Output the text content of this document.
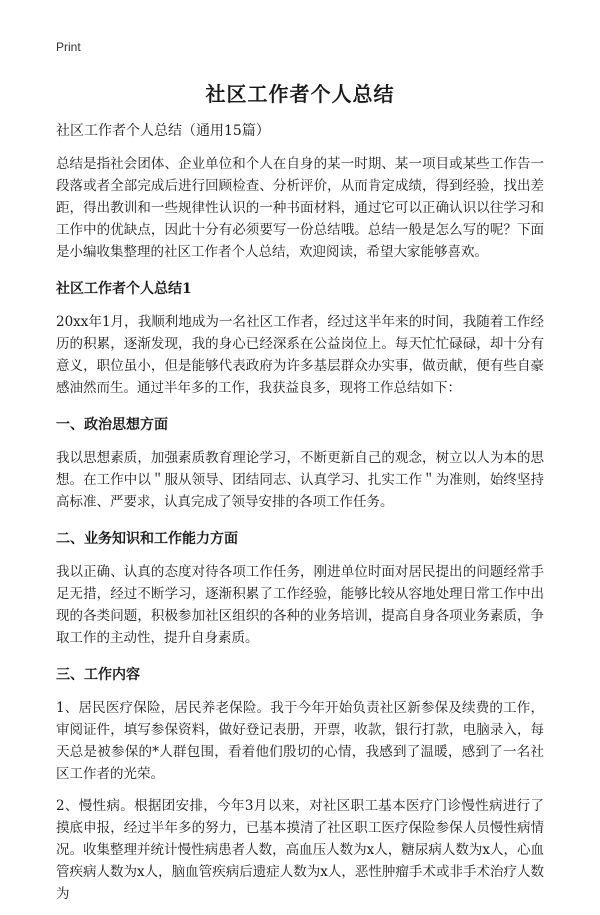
Print
社区工作者个人总结
社区工作者个人总结（通用15篇）

总结是指社会团体、企业单位和个人在自身的某一时期、某一项目或某些工作告一段落或者全部完成后进行回顾检查、分析评价，从而肯定成绩，得到经验，找出差距，得出教训和一些规律性认识的一种书面材料，通过它可以正确认识以往学习和工作中的优缺点，因此十分有必须要写一份总结哦。总结一般是怎么写的呢？下面是小编收集整理的社区工作者个人总结，欢迎阅读，希望大家能够喜欢。

社区工作者个人总结1

20xx年1月，我顺利地成为一名社区工作者，经过这半年来的时间，我随着工作经历的积累，逐渐发现，我的身心已经深系在公益岗位上。每天忙忙碌碌，却十分有意义，职位虽小，但是能够代表政府为许多基层群众办实事，做贡献，便有些自豪感油然而生。通过半年多的工作，我获益良多，现将工作总结如下：

一、政治思想方面

我以思想素质，加强素质教育理论学习，不断更新自己的观念，树立以人为本的思想。在工作中以＂服从领导、团结同志、认真学习、扎实工作＂为准则，始终坚持高标准、严要求，认真完成了领导安排的各项工作任务。

二、业务知识和工作能力方面

我以正确、认真的态度对待各项工作任务，刚进单位时面对居民提出的问题经常手足无措，经过不断学习，逐渐积累了工作经验，能够比较从容地处理日常工作中出现的各类问题，积极参加社区组织的各种的业务培训，提高自身各项业务素质，争取工作的主动性，提升自身素质。

三、工作内容

1、居民医疗保险，居民养老保险。我于今年开始负责社区新参保及续费的工作，审阅证件，填写参保资料，做好登记表册，开票，收款，银行打款，电脑录入，每天总是被参保的*人群包围，看着他们殷切的心情，我感到了温暖，感到了一名社区工作者的光荣。

2、慢性病。根据团安排，今年3月以来，对社区职工基本医疗门诊慢性病进行了摸底申报，经过半年多的努力，已基本摸清了社区职工医疗保险参保人员慢性病情况。收集整理并统计慢性病患者人数，高血压人数为x人，糖尿病人数为x人，心血管疾病人数为x人，脑血管疾病后遗症人数为x人，恶性肿瘤手术或非手术治疗人数为
